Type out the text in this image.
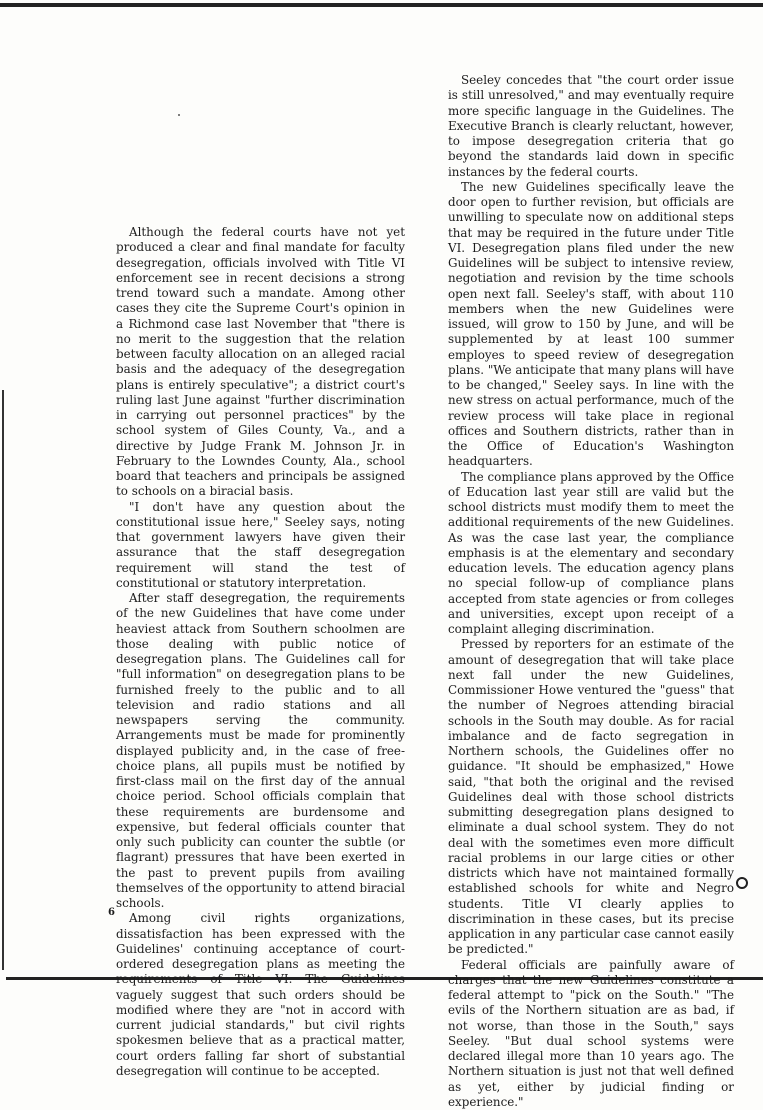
Although the federal courts have not yet produced a clear and final mandate for faculty desegregation, officials involved with Title VI enforcement see in recent decisions a strong trend toward such a mandate. Among other cases they cite the Supreme Court's opinion in a Richmond case last November that "there is no merit to the suggestion that the relation between faculty allocation on an alleged racial basis and the adequacy of the desegregation plans is entirely speculative"; a district court's ruling last June against "further discrimination in carrying out personnel practices" by the school system of Giles County, Va., and a directive by Judge Frank M. Johnson Jr. in February to the Lowndes County, Ala., school board that teachers and principals be assigned to schools on a biracial basis.

"I don't have any question about the constitutional issue here," Seeley says, noting that government lawyers have given their assurance that the staff desegregation requirement will stand the test of constitutional or statutory interpretation.

After staff desegregation, the requirements of the new Guidelines that have come under heaviest attack from Southern schoolmen are those dealing with public notice of desegregation plans. The Guidelines call for "full information" on desegregation plans to be furnished freely to the public and to all television and radio stations and all newspapers serving the community. Arrangements must be made for prominently displayed publicity and, in the case of free-choice plans, all pupils must be notified by first-class mail on the first day of the annual choice period. School officials complain that these requirements are burdensome and expensive, but federal officials counter that only such publicity can counter the subtle (or flagrant) pressures that have been exerted in the past to prevent pupils from availing themselves of the opportunity to attend biracial schools.

Among civil rights organizations, dissatisfaction has been expressed with the Guidelines' continuing acceptance of court-ordered desegregation plans as meeting the requirements of Title VI. The Guidelines vaguely suggest that such orders should be modified where they are "not in accord with current judicial standards," but civil rights spokesmen believe that as a practical matter, court orders falling far short of substantial desegregation will continue to be accepted.

Seeley concedes that "the court order issue is still unresolved," and may eventually require more specific language in the Guidelines. The Executive Branch is clearly reluctant, however, to impose desegregation criteria that go beyond the standards laid down in specific instances by the federal courts.

The new Guidelines specifically leave the door open to further revision, but officials are unwilling to speculate now on additional steps that may be required in the future under Title VI. Desegregation plans filed under the new Guidelines will be subject to intensive review, negotiation and revision by the time schools open next fall. Seeley's staff, with about 110 members when the new Guidelines were issued, will grow to 150 by June, and will be supplemented by at least 100 summer employes to speed review of desegregation plans. "We anticipate that many plans will have to be changed," Seeley says. In line with the new stress on actual performance, much of the review process will take place in regional offices and Southern districts, rather than in the Office of Education's Washington headquarters.

The compliance plans approved by the Office of Education last year still are valid but the school districts must modify them to meet the additional requirements of the new Guidelines. As was the case last year, the compliance emphasis is at the elementary and secondary education levels. The education agency plans no special follow-up of compliance plans accepted from state agencies or from colleges and universities, except upon receipt of a complaint alleging discrimination.

Pressed by reporters for an estimate of the amount of desegregation that will take place next fall under the new Guidelines, Commissioner Howe ventured the "guess" that the number of Negroes attending biracial schools in the South may double. As for racial imbalance and de facto segregation in Northern schools, the Guidelines offer no guidance. "It should be emphasized," Howe said, "that both the original and the revised Guidelines deal with those school districts submitting desegregation plans designed to eliminate a dual school system. They do not deal with the sometimes even more difficult racial problems in our large cities or other districts which have not maintained formally established schools for white and Negro students. Title VI clearly applies to discrimination in these cases, but its precise application in any particular case cannot easily be predicted."

Federal officials are painfully aware of charges that the new Guidelines constitute a federal attempt to "pick on the South." "The evils of the Northern situation are as bad, if not worse, than those in the South," says Seeley. "But dual school systems were declared illegal more than 10 years ago. The Northern situation is just not that well defined as yet, either by judicial finding or experience."

6
